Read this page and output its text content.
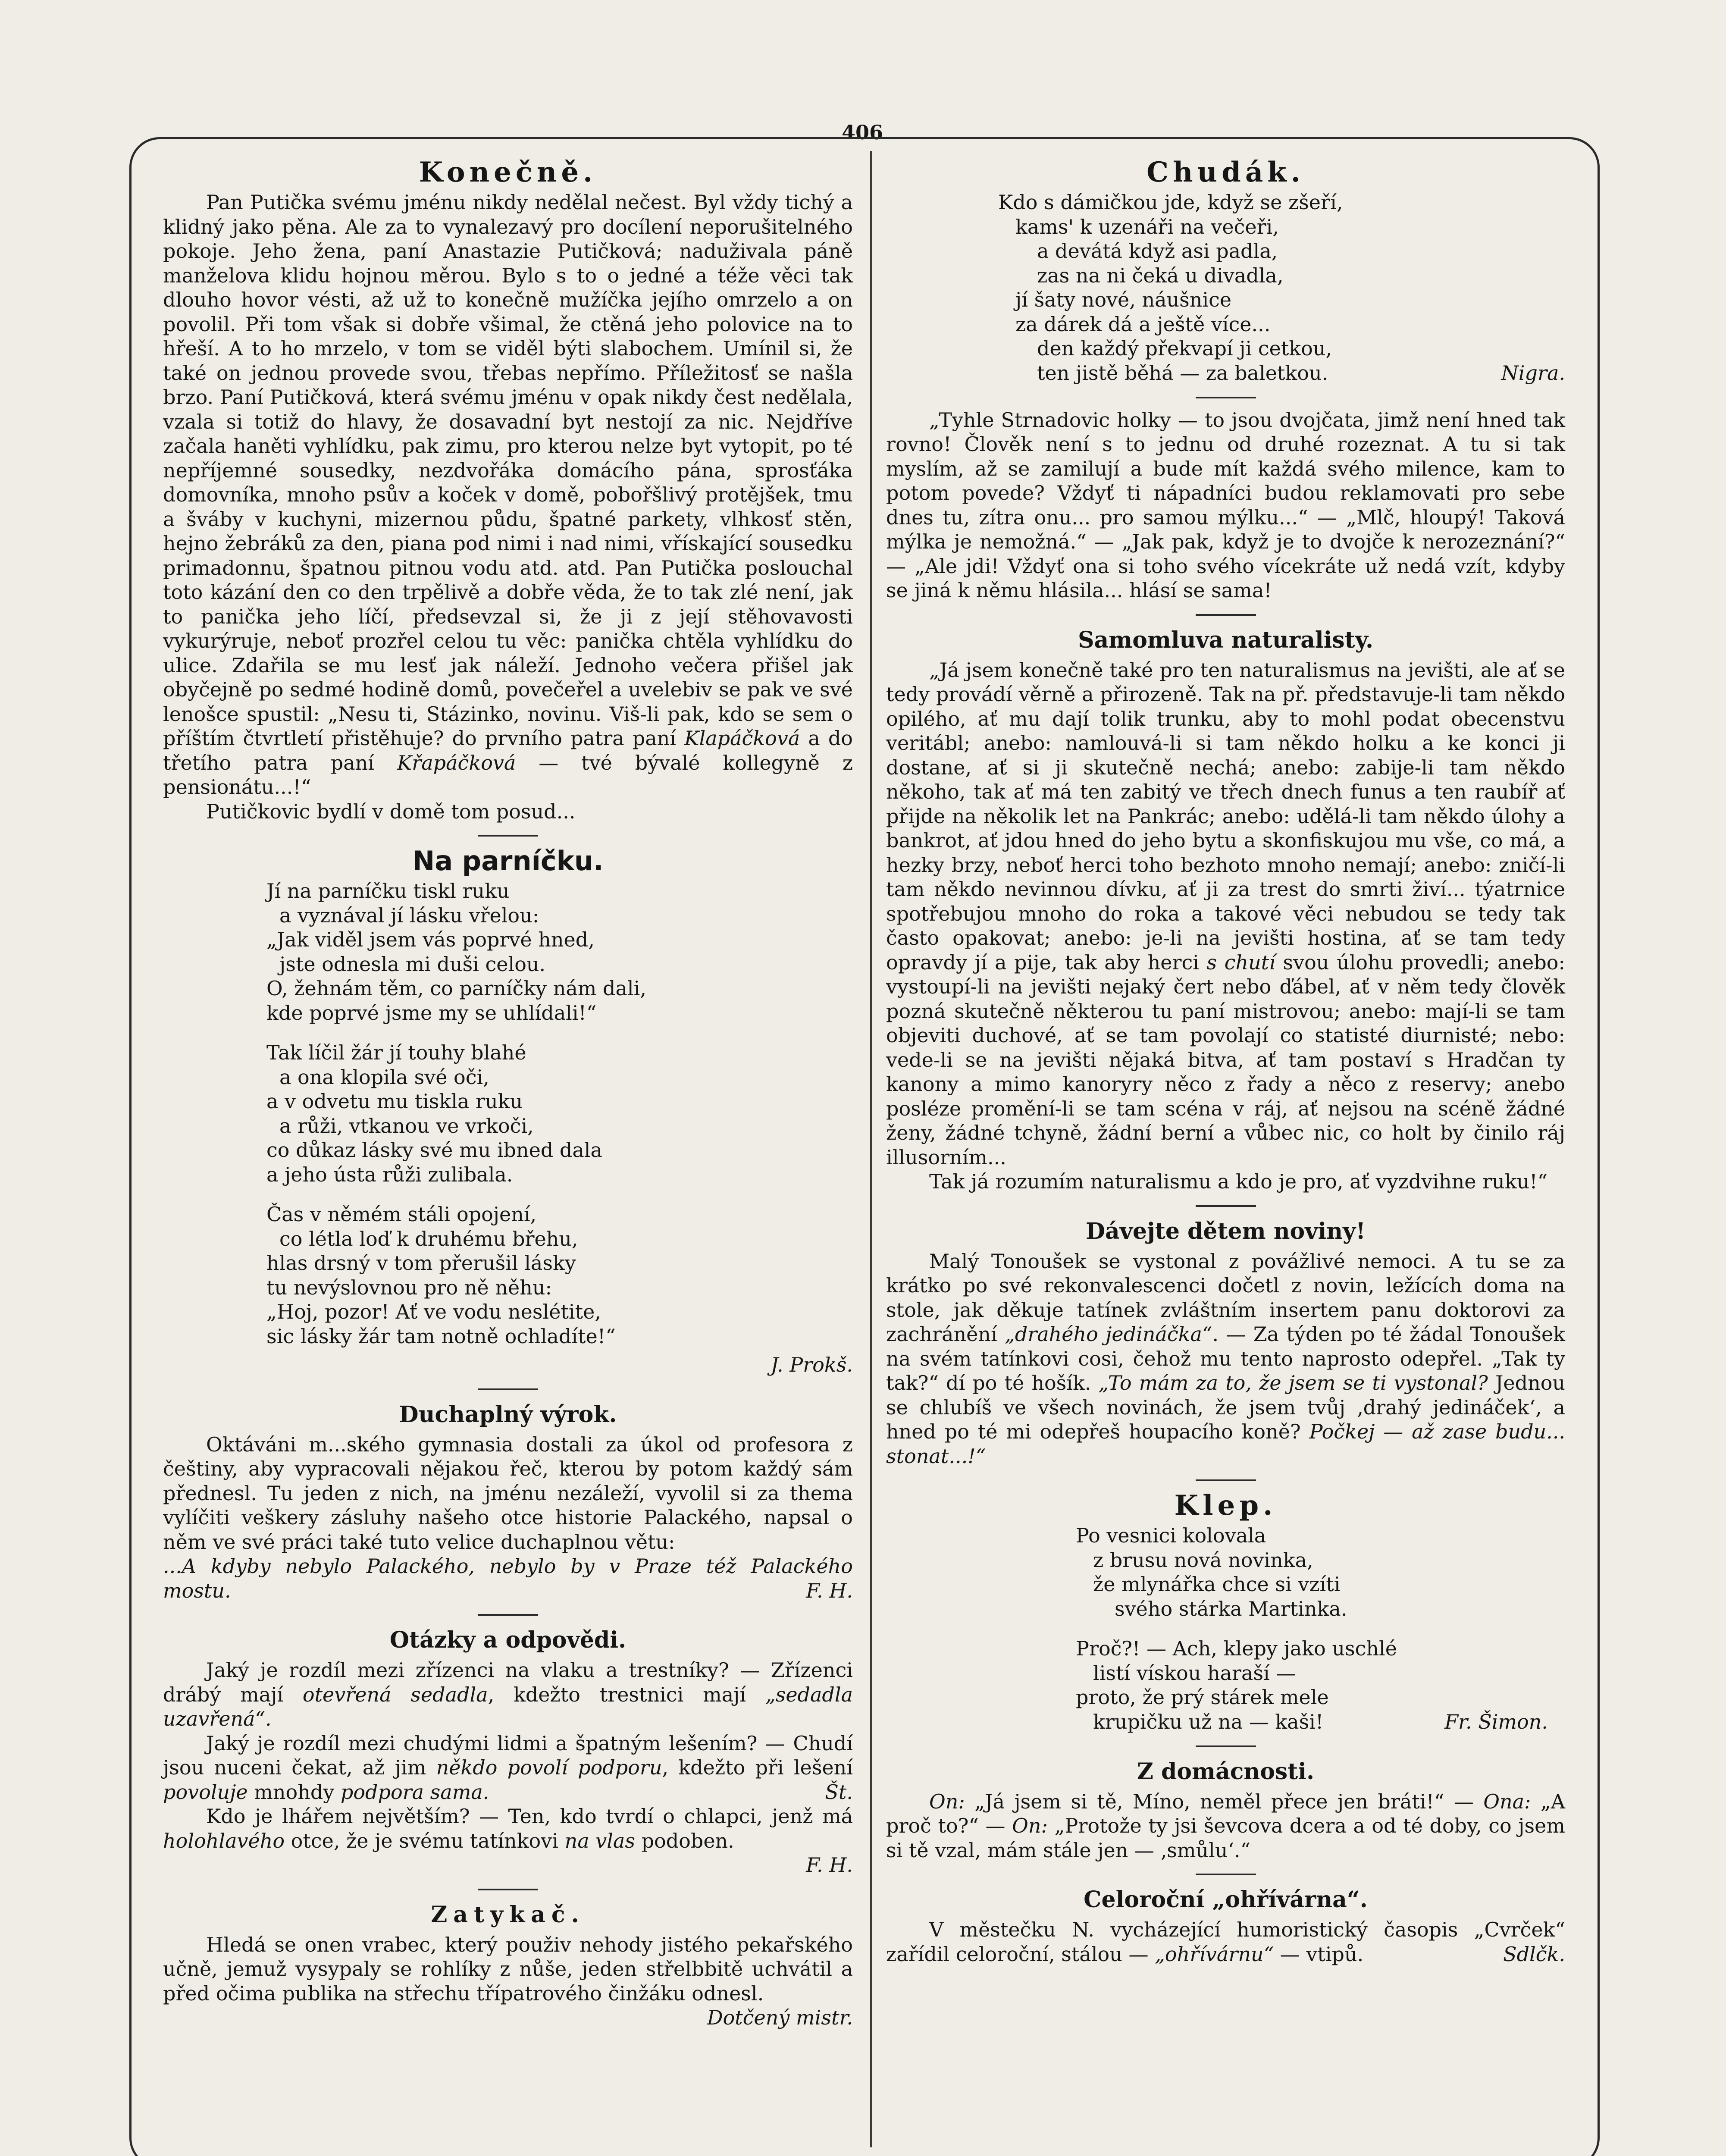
406
Konečně.

Pan Putička svému jménu nikdy nedělal nečest. Byl vždy tichý a klidný jako pěna. Ale za to vynalezavý pro docílení neporušitelného pokoje. Jeho žena, paní Anastazie Putičková; naduživala páně manželova klidu hojnou měrou. Bylo s to o jedné a téže věci tak dlouho hovor vésti, až už to konečně mužíčka jejího omrzelo a on povolil. Při tom však si dobře všimal, že ctěná jeho polovice na to hřeší. A to ho mrzelo, v tom se viděl býti slabochem. Umínil si, že také on jednou provede svou, třebas nepřímo. Příležitosť se našla brzo. Paní Putičková, která svému jménu v opak nikdy čest nedělala, vzala si totiž do hlavy, že dosavadní byt nestojí za nic. Nejdříve začala haněti vyhlídku, pak zimu, pro kterou nelze byt vytopit, po té nepříjemné sousedky, nezdvořáka domácího pána, sprosťáka domovníka, mnoho psův a koček v domě, pobořšlivý protějšek, tmu a šváby v kuchyni, mizernou půdu, špatné parkety, vlhkosť stěn, hejno žebráků za den, piana pod nimi i nad nimi, vřískající sousedku primadonnu, špatnou pitnou vodu atd. atd. Pan Putička poslouchal toto kázání den co den trpělivě a dobře věda, že to tak zlé není, jak to panička jeho líčí, předsevzal si, že ji z její stěhovavosti vykurýruje, neboť prozřel celou tu věc: panička chtěla vyhlídku do ulice. Zdařila se mu lesť jak náleží. Jednoho večera přišel jak obyčejně po sedmé hodině domů, povečeřel a uvelebiv se pak ve své lenošce spustil: „Nesu ti, Stázinko, novinu. Viš-li pak, kdo se sem o příštím čtvrtletí přistěhuje? do prvního patra paní Klapáčková a do třetího patra paní Křapáčková — tvé bývalé kollegyně z pensionátu...!“

Putičkovic bydlí v domě tom posud...

Na parníčku.
Jí na parníčku tiskl ruku
a vyznával jí lásku vřelou:
„Jak viděl jsem vás poprvé hned,
jste odnesla mi duši celou.
O, žehnám těm, co parníčky nám dali,
kde poprvé jsme my se uhlídali!“
Tak líčil žár jí touhy blahé
a ona klopila své oči,
a v odvetu mu tiskla ruku
a růži, vtkanou ve vrkoči,
co důkaz lásky své mu ibned dala
a jeho ústa růži zulibala.
Čas v němém stáli opojení,
co létla loď k druhému břehu,
hlas drsný v tom přerušil lásky
tu nevýslovnou pro ně něhu:
„Hoj, pozor! Ať ve vodu neslétite,
sic lásky žár tam notně ochladíte!“

J. Prokš.

Duchaplný výrok.

Oktáváni m...ského gymnasia dostali za úkol od profesora z češtiny, aby vypracovali nějakou řeč, kterou by potom každý sám přednesl. Tu jeden z nich, na jménu nezáleží, vyvolil si za thema vylíčiti veškery zásluhy našeho otce historie Palackého, napsal o něm ve své práci také tuto velice duchaplnou větu:

...A kdyby nebylo Palackého, nebylo by v Praze též Palackého mostu.	F. H.

Otázky a odpovědi.

Jaký je rozdíl mezi zřízenci na vlaku a trestníky? — Zřízenci drábý mají otevřená sedadla, kdežto trestnici mají „sedadla uzavřená“.

Jaký je rozdíl mezi chudými lidmi a špatným lešením? — Chudí jsou nuceni čekat, až jim někdo povolí podporu, kdežto při lešení povoluje mnohdy podpora sama.	Št.

Kdo je lhářem největším? — Ten, kdo tvrdí o chlapci, jenž má holohlavého otce, že je svému tatínkovi na vlas podoben.

F. H.

Zatykač.

Hledá se onen vrabec, který použiv nehody jistého pekařského učně, jemuž vysypaly se rohlíky z nůše, jeden střelbbitě uchvátil a před očima publika na střechu třípatrového činžáku odnesl.
Dotčený mistr.

Chudák.
Kdo s dámičkou jde, když se zšeří,
kams' k uzenáři na večeři,
a devátá když asi padla,
zas na ni čeká u divadla,
jí šaty nové, náušnice
za dárek dá a ještě více...
den každý překvapí ji cetkou,
ten jistě běhá — za baletkou.	Nigra.

„Tyhle Strnadovic holky — to jsou dvojčata, jimž není hned tak rovno! Člověk není s to jednu od druhé rozeznat. A tu si tak myslím, až se zamilují a bude mít každá svého milence, kam to potom povede? Vždyť ti nápadníci budou reklamovati pro sebe dnes tu, zítra onu... pro samou mýlku...“ — „Mlč, hloupý! Taková mýlka je nemožná.“ — „Jak pak, když je to dvojče k nerozeznání?“ — „Ale jdi! Vždyť ona si toho svého vícekráte už nedá vzít, kdyby se jiná k němu hlásila... hlásí se sama!

Samomluva naturalisty.

„Já jsem konečně také pro ten naturalismus na jevišti, ale ať se tedy provádí věrně a přirozeně. Tak na př. představuje-li tam někdo opilého, ať mu dají tolik trunku, aby to mohl podat obecenstvu veritábl; anebo: namlouvá-li si tam někdo holku a ke konci ji dostane, ať si ji skutečně nechá; anebo: zabije-li tam někdo někoho, tak ať má ten zabitý ve třech dnech funus a ten raubíř ať přijde na několik let na Pankrác; anebo: udělá-li tam někdo úlohy a bankrot, ať jdou hned do jeho bytu a skonfiskujou mu vše, co má, a hezky brzy, neboť herci toho bezhoto mnoho nemají; anebo: zničí-li tam někdo nevinnou dívku, ať ji za trest do smrti živí... týatrnice spotřebujou mnoho do roka a takové věci nebudou se tedy tak často opakovat; anebo: je-li na jevišti hostina, ať se tam tedy opravdy jí a pije, tak aby herci s chutí svou úlohu provedli; anebo: vystoupí-li na jevišti nejaký čert nebo ďábel, ať v něm tedy člověk pozná skutečně některou tu paní mistrovou; anebo: mají-li se tam objeviti duchové, ať se tam povolají co statisté diurnisté; nebo: vede-li se na jevišti nějaká bitva, ať tam postaví s Hradčan ty kanony a mimo kanoryry něco z řady a něco z reservy; anebo posléze promění-li se tam scéna v ráj, ať nejsou na scéně žádné ženy, žádné tchyně, žádní berní a vůbec nic, co holt by činilo ráj illusorním...

Tak já rozumím naturalismu a kdo je pro, ať vyzdvihne ruku!“

Dávejte dětem noviny!

Malý Tonoušek se vystonal z povážlivé nemoci. A tu se za krátko po své rekonvalescenci dočetl z novin, ležících doma na stole, jak děkuje tatínek zvláštním insertem panu doktorovi za zachránění „drahého jedináčka“. — Za týden po té žádal Tonoušek na svém tatínkovi cosi, čehož mu tento naprosto odepřel. „Tak ty tak?“ dí po té hošík. „To mám za to, že jsem se ti vystonal? Jednou se chlubíš ve všech novinách, že jsem tvůj ‚drahý jedináček‘, a hned po té mi odepřeš houpacího koně? Počkej — až zase budu... stonat...!“

Klep.
Po vesnici kolovala
z brusu nová novinka,
že mlynářka chce si vzíti
svého stárka Martinka.
Proč?! — Ach, klepy jako uschlé
listí vískou haraší —
proto, že prý stárek mele
krupičku už na — kaši!	Fr. Šimon.

Z domácnosti.

On: „Já jsem si tě, Míno, neměl přece jen bráti!“ — Ona: „A proč to?“ — On: „Protože ty jsi ševcova dcera a od té doby, co jsem si tě vzal, mám stále jen — ‚smůlu‘.“

Celoroční „ohřívárna“.

V městečku N. vycházející humoristický časopis „Cvrček“ zařídil celoroční, stálou — „ohřívárnu“ — vtipů.	Sdlčk.
